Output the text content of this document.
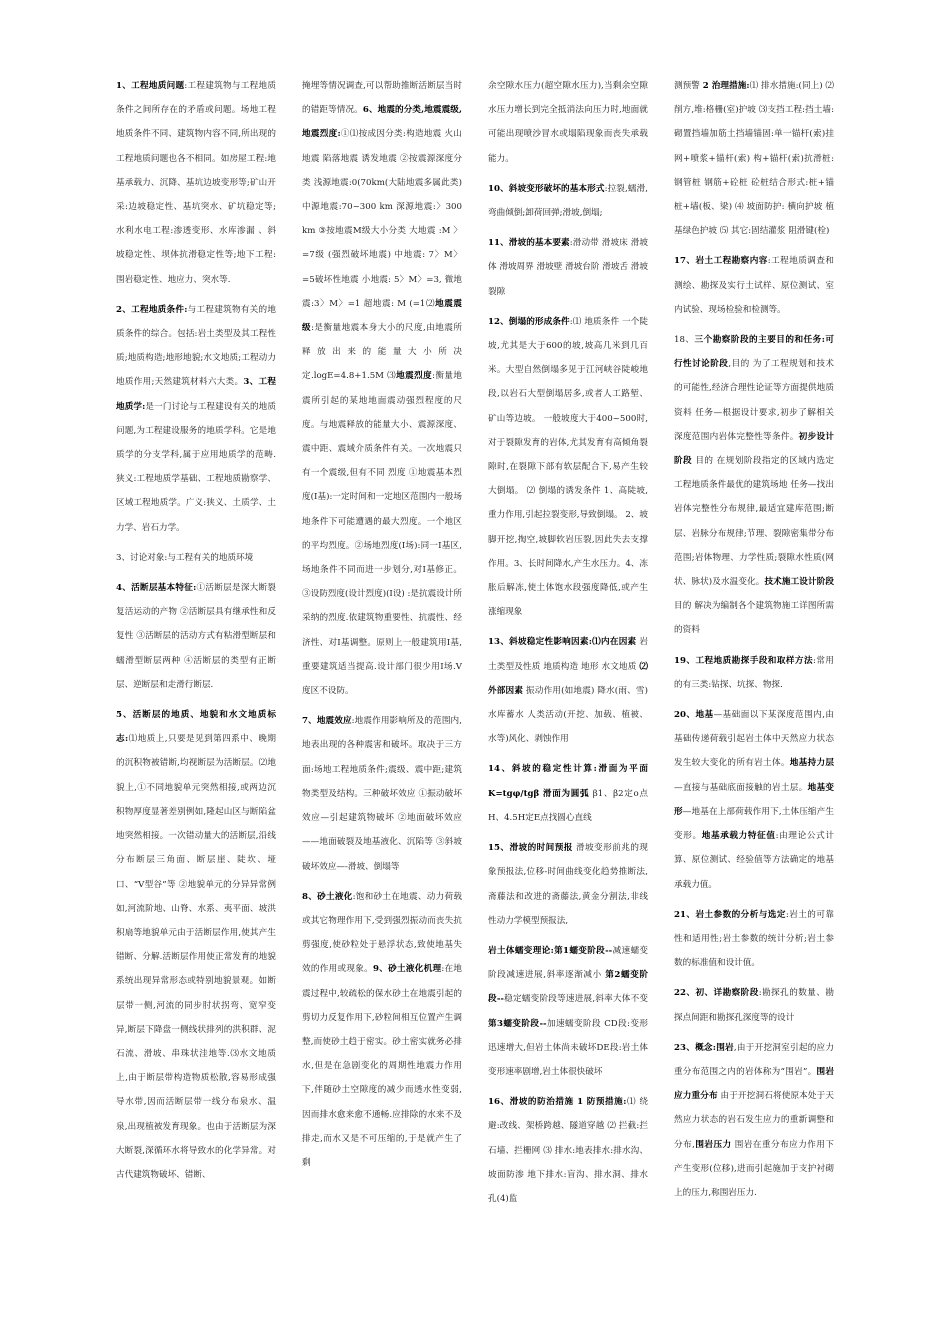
1、工程地质问题:工程建筑物与工程地质条件之间所存在的矛盾或问题。场地工程地质条件不同、建筑物内容不同,所出现的工程地质问题也各不相同。如房屋工程:地基承载力、沉降、基坑边坡变形等;矿山开采:边坡稳定性、基坑突水、矿坑稳定等;水利水电工程:渗透变形、水库渗漏 、斜坡稳定性、坝体抗滑稳定性等;地下工程:围岩稳定性、地应力、突水等.

2、工程地质条件:与工程建筑物有关的地质条件的综合。包括:岩土类型及其工程性质;地质构造;地形地貌;水文地质;工程动力地质作用;天然建筑材料六大类。3、工程地质学:是一门讨论与工程建设有关的地质问题,为工程建设服务的地质学科。它是地质学的分支学科,属于应用地质学的范畴.狭义:工程地质学基础、工程地质勘察学、区域工程地质学。广义:狭义、土质学、土力学、岩石力学。

3、讨论对象:与工程有关的地质环境

4、活断层基本特征:①活断层是深大断裂复活运动的产物 ②活断层具有继承性和反复性 ③活断层的活动方式有粘滑型断层和蠕滑型断层两种 ④活断层的类型有正断层、逆断层和走滑行断层.

5、活断层的地质、地貌和水文地质标志:⑴地质上,只要是见到第四系中、晚期的沉积物被错断,均视断层为活断层。⑵地貌上,①不同地貌单元突然相接,或两边沉积物厚度显著差别例如,隆起山区与断陷盆地突然相接。一次错动量大的活断层,沿线分布断层三角面、断层崖、陡坎、垭口、“V型谷”等 ②地貌单元的分异异常例如,河流阶地、山脊、水系、夷平面、坡洪积扇等地貌单元由于活断层作用,使其产生错断、分解.活断层作用使正常发育的地貌系统出现异常形态或特别地貌景观。如断层带一侧,河流的同步肘状拐弯、宽窄变异,断层下降盘一侧线状排列的洪积群、泥石流、滑坡、串珠状洼地等.⑶水文地质上,由于断层带构造物质松散,容易形成强导水带,因而活断层带一线分布泉水、温泉,出现植被发育现象。也由于活断层为深大断裂,深循环水将导致水的化学异常。对古代建筑物破坏、错断、

掩埋等情况调查,可以帮助推断活断层当时的错距等情况。6、地震的分类,地震震级,地震烈度:①⑴按成因分类:构造地震 火山地震 陷落地震 诱发地震 ②按震源深度分类 浅源地震:0(70km(大陆地震多属此类)中源地震:70~300 km 深源地震:〉300 km ③按地震M级大小分类 大地震 :M 〉=7级 (强烈破坏地震) 中地震: 7〉M〉=5破坏性地震 小地震: 5〉M〉=3, 微地震:3〉M〉=1 超地震: M (=1⑵地震震级:是衡量地震本身大小的尺度,由地震所释放出来的能量大小所决定.logE=4.8+1.5M ⑶地震烈度:衡量地震所引起的某地地面震动强烈程度的尺度。与地震释放的能量大小、震源深度、震中距、震域介质条件有关。一次地震只有一个震级,但有不同 烈度 ①地震基本烈度(I基):一定时间和一定地区范围内一般场地条件下可能遭遇的最大烈度。一个地区的平均烈度。②场地烈度(I场):同一I基区,场地条件不同而进一步划分,对I基修正。③设防烈度(设计烈度)(I设) :是抗震设计所采纳的烈度.依建筑物重要性、抗震性、经济性、对I基调整。原则上一般建筑用I基,重要建筑适当提高.设计部门很少用I场.V度区不设防。

7、地震效应:地震作用影响所及的范围内,地表出现的各种震害和破坏。取决于三方面:场地工程地质条件;震级、震中距;建筑物类型及结构。三种破坏效应 ①振动破坏效应—引起建筑物破坏 ②地面破坏效应——地面破裂及地基液化、沉陷等 ③斜坡破坏效应—-滑坡、倒塌等

8、砂土液化:饱和砂土在地震、动力荷载或其它物理作用下,受到强烈振动而丧失抗剪强度,使砂粒处于悬浮状态,致使地基失效的作用或现象。9、砂土液化机理:在地震过程中,较疏松的保水砂土在地震引起的剪切力反复作用下,砂粒间相互位置产生调整,而使砂土趋于密实。砂土密实就务必排水,但是在急剧变化的周期性地震力作用下,伴随砂土空隙度的减少而透水性变弱,因而排水愈来愈不通畅.应排除的水来不及排走,而水又是不可压缩的,于是就产生了剩

余空隙水压力(超空隙水压力),当剩余空隙水压力增长到完全抵消法向压力时,地面就可能出现喷沙冒水或塌陷现象而丧失承载能力。

10、斜坡变形破坏的基本形式:拉裂,蠕滑,弯曲倾倒;卸荷回弹;滑坡,倒塌;

11、滑坡的基本要素:滑动带 滑坡床 滑坡体 滑坡周界 滑坡壁 滑坡台阶 滑坡舌 滑坡裂隙

12、倒塌的形成条件:⑴ 地质条件 一个陡坡,尤其是大于600的坡,坡高几米到几百米。大型自然倒塌多见于江河峡谷陡峻地段,以岩石大型倒塌居多,或者人工路堑、矿山等边坡。 一般坡度大于400~500时,对于裂隙发育的岩体,尤其发育有高倾角裂隙时,在裂隙下部有软层配合下,易产生较大倒塌。 ⑵ 倒塌的诱发条件 1、高陡坡,重力作用,引起拉裂变形,导致倒塌。 2、坡脚开挖,掏空,坡脚软岩压裂,因此失去支撑作用。3、长时间降水,产生水压力。4、冻胀后解冻,使土体饱水段强度降低,或产生涨缩现象

13、斜坡稳定性影响因素:⑴内在因素 岩土类型及性质 地质构造 地形 水文地质 ⑵外部因素 振动作用(如地震) 降水(雨、雪)水库蓄水 人类活动(开挖、加载、植被、水等)风化、剥蚀作用

14、斜坡的稳定性计算:滑面为平面 K=tgφ/tgβ 滑面为圆弧 β1、β2定o点 H、4.5H定E点找圆心直线

15、滑坡的时间预报 滑坡变形前兆的现象预报法,位移-时间曲线变化趋势推断法,斋藤法和改进的斋藤法,黄金分割法,非线性动力学模型预报法,

岩土体蠕变理论:第1蠕变阶段--减速蠕变阶段减速进展,斜率逐渐减小 第2蠕变阶段--稳定蠕变阶段等速进展,斜率大体不变 第3蠕变阶段--加速蠕变阶段 CD段:变形迅速增大,但岩土体尚未破坏DE段:岩土体变形速率剧增,岩土体很快破坏

16、滑坡的防治措施 1 防预措施:⑴ 绕避:改线、架桥跨越、隧道穿越 ⑵ 拦截:拦石墙、拦栅网 ⑶ 排水:地表排水:排水沟、坡面防渗 地下排水:盲沟、排水洞、排水孔(4)监

测预警 2 治理措施:⑴ 排水措施:(同上) ⑵ 削方,堆:格栅(室)护坡 ⑶支挡工程:挡土墙:砌置挡墙加筋土挡墙锚固:单一锚杆(索)挂网+喷浆+锚杆(索) 构+锚杆(索)抗滑桩:钢管桩 钢筋+砼桩 砼桩结合形式:桩+锚桩+墙(板、梁) ⑷ 坡面防护: 横向护坡 植基绿色护坡 ⑸ 其它:固结灌浆 阻滑键(栓)

17、岩土工程勘察内容:工程地质调查和测绘、勘探及实行土试样、原位测试、室内试验、现场检验和检测等。

18、三个勘察阶段的主要目的和任务:可行性讨论阶段,目的 为了工程规划和技术的可能性,经济合理性论证等方面提供地质资料 任务—根据设计要求,初步了解相关深度范围内岩体完整性等条件。初步设计阶段 目的 在规划阶段指定的区域内选定工程地质条件最优的建筑场地 任务—找出岩体完整性分布规律,最适宜建库范围;断层、岩脉分布规律;节理、裂隙密集带分布范围;岩体物理、力学性质;裂隙水性质(网状、脉状)及水温变化。技术施工设计阶段 目的 解决为编制各个建筑物施工详图所需的资料

19、工程地质勘探手段和取样方法:常用的有三类:钻探、坑探、物探.

20、地基—基础面以下某深度范围内,由基础传递荷载引起岩土体中天然应力状态发生较大变化的所有岩土体。地基持力层—直接与基础底面接触的岩土层。地基变形—地基在上部荷载作用下,土体压缩产生变形。地基承载力特征值:由理论公式计算、原位测试、经验值等方法确定的地基承载力值。

21、岩土参数的分析与选定:岩土的可靠性和适用性;岩土参数的统计分析;岩土参数的标准值和设计值。

22、初、详勘察阶段:勘探孔的数量、勘探点间距和勘探孔深度等的设计

23、概念:围岩,由于开挖洞室引起的应力重分布范围之内的岩体称为“围岩”。围岩应力重分布 由于开挖洞石将使原本处于天然应力状态的岩石发生应力的重新调整和分布,围岩压力 围岩在重分布应力作用下产生变形(位移),进而引起施加于支护衬砌上的压力,称围岩压力.
